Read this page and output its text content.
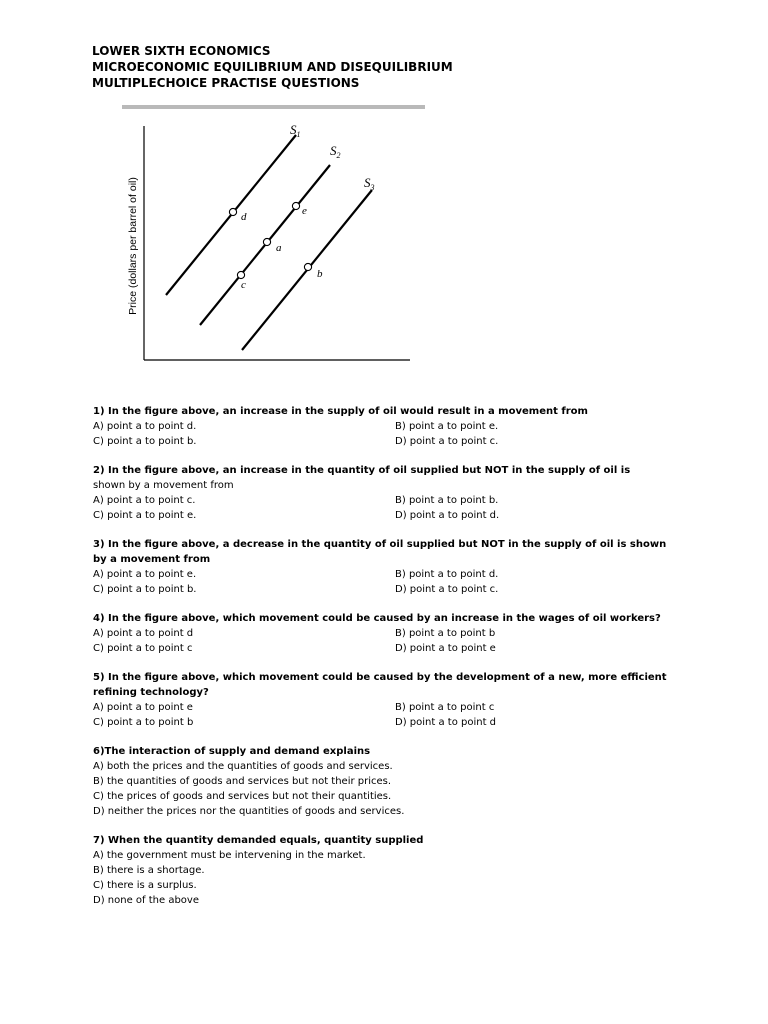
LOWER SIXTH ECONOMICS
MICROECONOMIC EQUILIBRIUM AND DISEQUILIBRIUM
MULTIPLECHOICE PRACTISE QUESTIONS
Price (dollars per barrel of oil)
$S_1$
$S_2$
$S_3$
d	e
a
c
b
1) In the figure above, an increase in the supply of oil would result in a movement from
A) point a to point d.	B) point a to point e.
C) point a to point b.	D) point a to point c.
2) In the figure above, an increase in the quantity of oil supplied but NOT in the supply of oil is
shown by a movement from
A) point a to point c.	B) point a to point b.
C) point a to point e.	D) point a to point d.
3) In the figure above, a decrease in the quantity of oil supplied but NOT in the supply of oil is shown by a movement from
A) point a to point e.	B) point a to point d.
C) point a to point b.	D) point a to point c.
4) In the figure above, which movement could be caused by an increase in the wages of oil workers?
A) point a to point d	B) point a to point b
C) point a to point c	D) point a to point e
5) In the figure above, which movement could be caused by the development of a new, more efficient refining technology?
A) point a to point e	B) point a to point c
C) point a to point b	D) point a to point d
6)The interaction of supply and demand explains
A) both the prices and the quantities of goods and services.
B) the quantities of goods and services but not their prices.
C) the prices of goods and services but not their quantities.
D) neither the prices nor the quantities of goods and services.
7) When the quantity demanded equals, quantity supplied
A) the government must be intervening in the market.
B) there is a shortage.
C) there is a surplus.
D) none of the above
